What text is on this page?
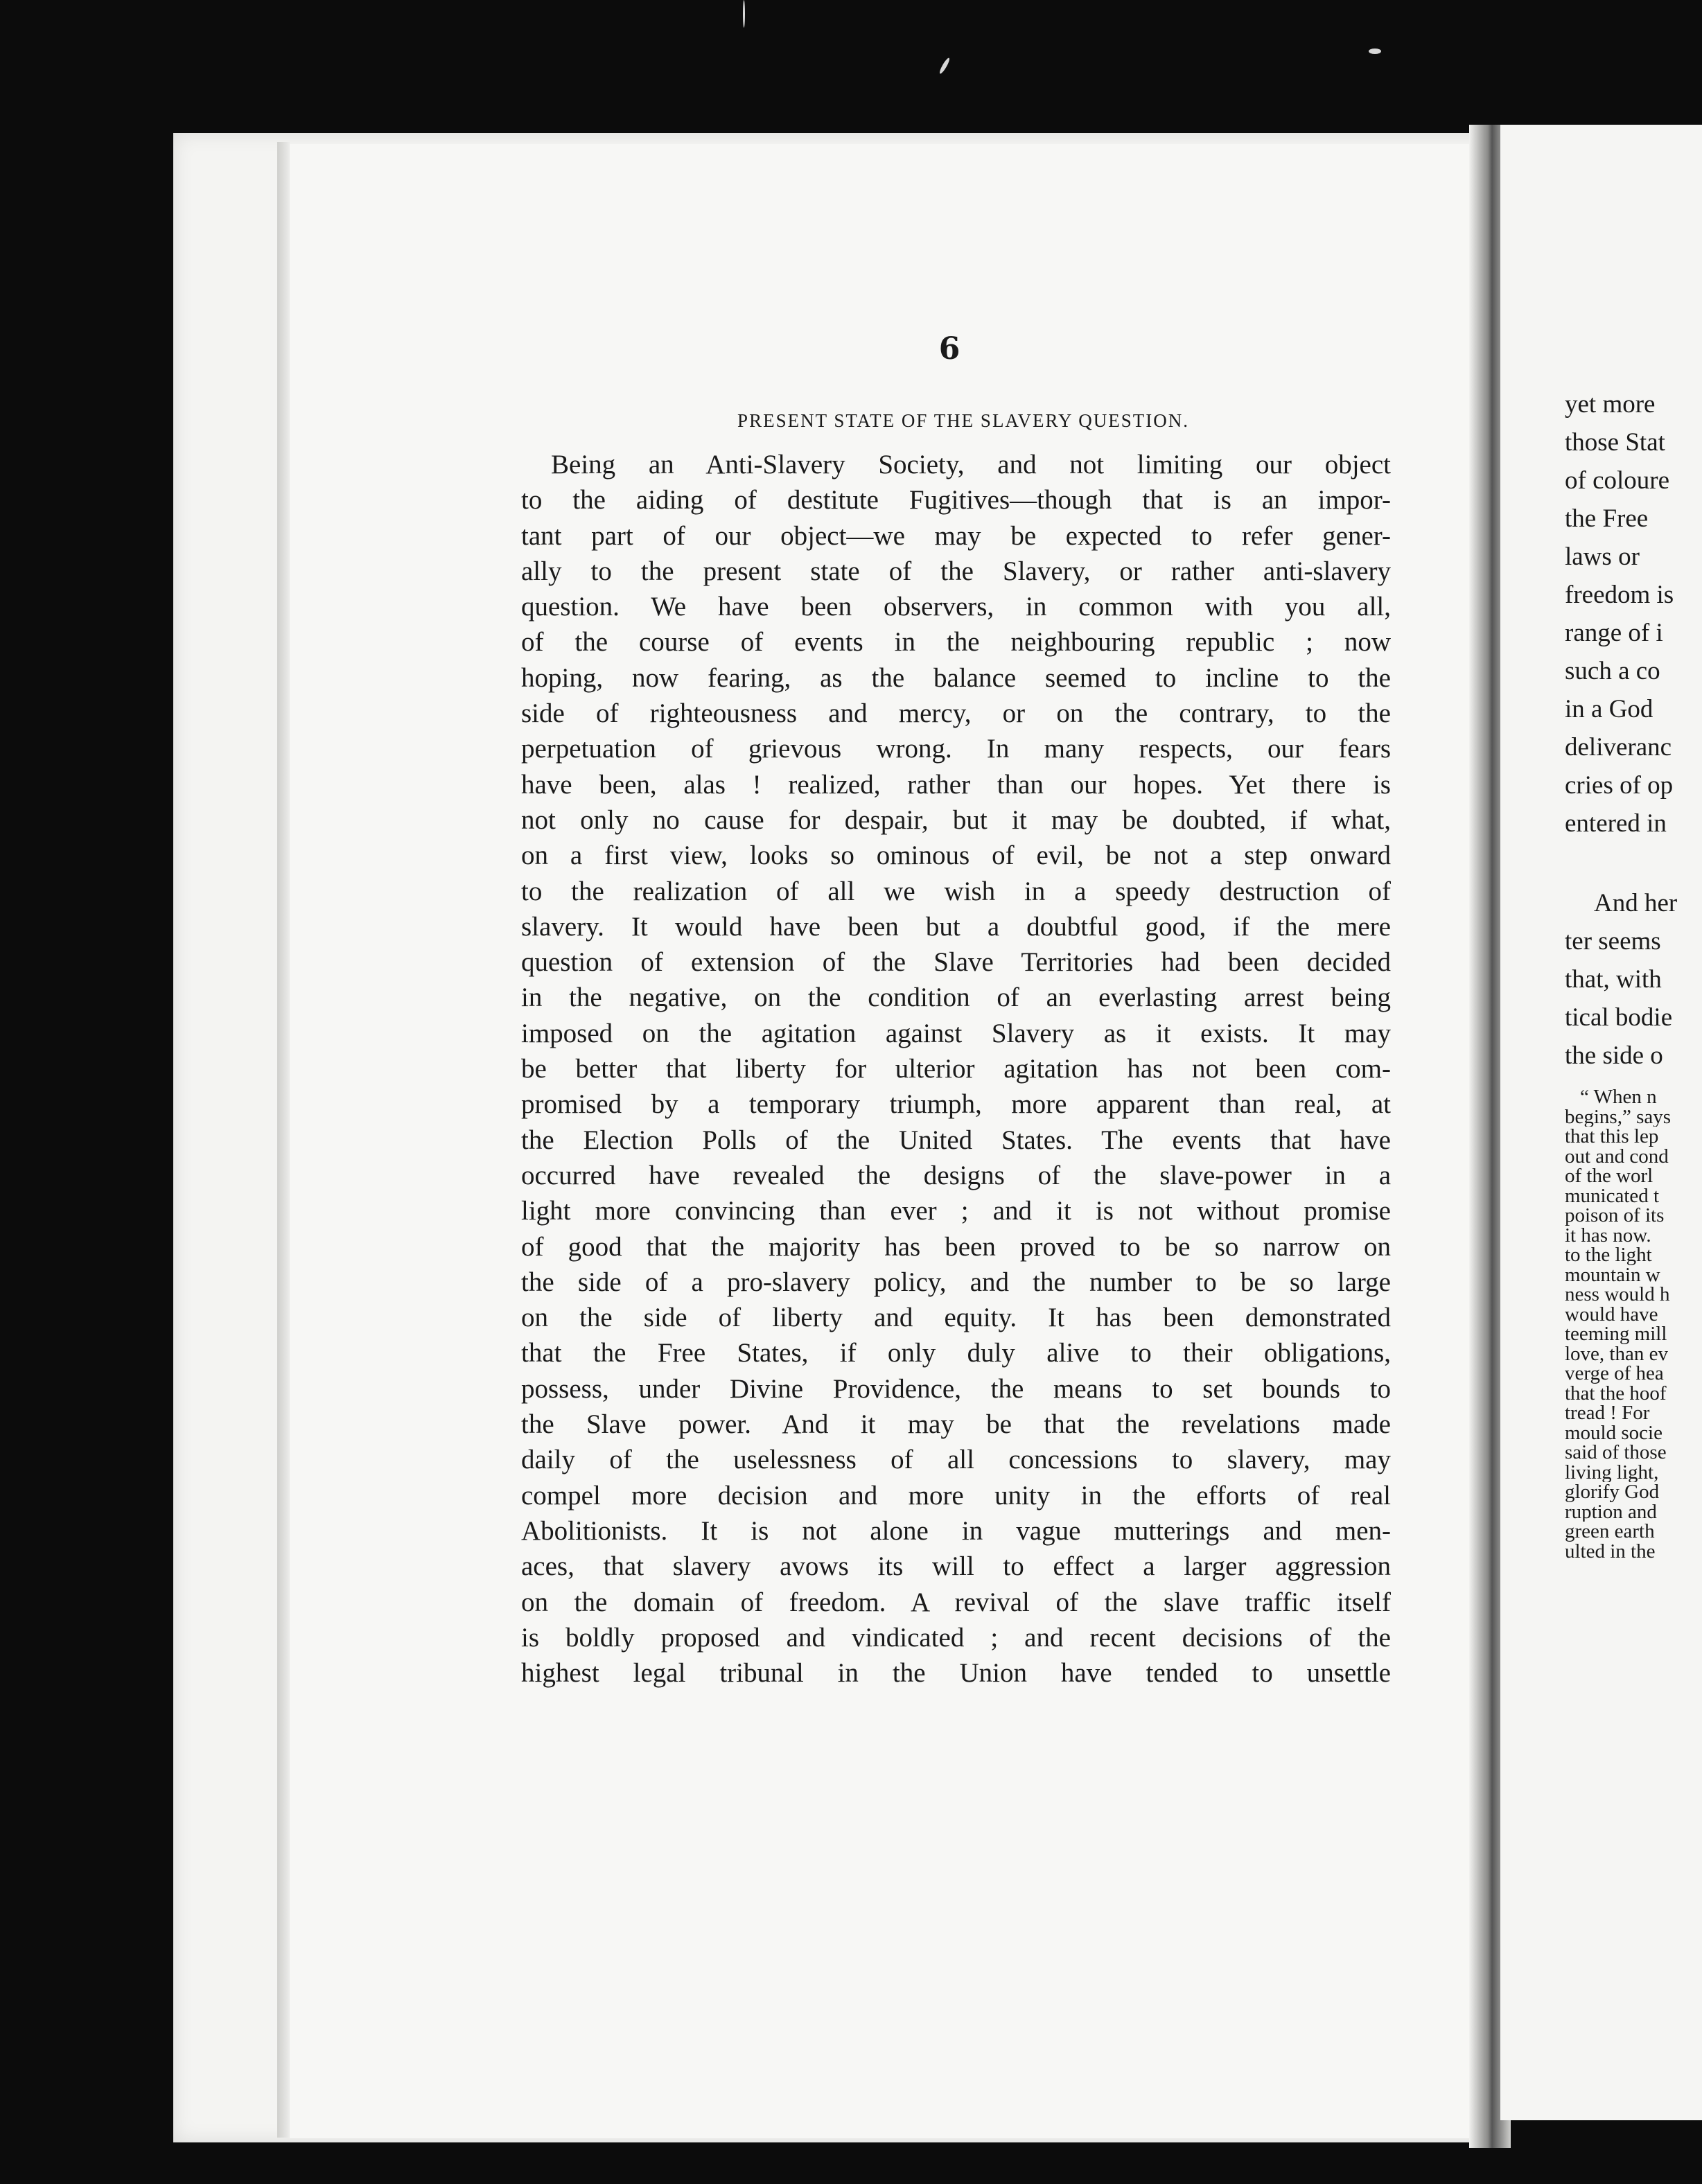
6
PRESENT STATE OF THE SLAVERY QUESTION.
Being an Anti-Slavery Society, and not limiting our object
to the aiding of destitute Fugitives—though that is an impor-
tant part of our object—we may be expected to refer gener-
ally to the present state of the Slavery, or rather anti-slavery
question. We have been observers, in common with you all,
of the course of events in the neighbouring republic ; now
hoping, now fearing, as the balance seemed to incline to the
side of righteousness and mercy, or on the contrary, to the
perpetuation of grievous wrong. In many respects, our fears
have been, alas ! realized, rather than our hopes. Yet there is
not only no cause for despair, but it may be doubted, if what,
on a first view, looks so ominous of evil, be not a step onward
to the realization of all we wish in a speedy destruction of
slavery. It would have been but a doubtful good, if the mere
question of extension of the Slave Territories had been decided
in the negative, on the condition of an everlasting arrest being
imposed on the agitation against Slavery as it exists. It may
be better that liberty for ulterior agitation has not been com-
promised by a temporary triumph, more apparent than real, at
the Election Polls of the United States. The events that have
occurred have revealed the designs of the slave-power in a
light more convincing than ever ; and it is not without promise
of good that the majority has been proved to be so narrow on
the side of a pro-slavery policy, and the number to be so large
on the side of liberty and equity. It has been demonstrated
that the Free States, if only duly alive to their obligations,
possess, under Divine Providence, the means to set bounds to
the Slave power. And it may be that the revelations made
daily of the uselessness of all concessions to slavery, may
compel more decision and more unity in the efforts of real
Abolitionists. It is not alone in vague mutterings and men-
aces, that slavery avows its will to effect a larger aggression
on the domain of freedom. A revival of the slave traffic itself
is boldly proposed and vindicated ; and recent decisions of the
highest legal tribunal in the Union have tended to unsettle
yet more
those Stat
of coloure
the Free
laws or
freedom is
range of i
such a co
in a God
deliveranc
cries of op
entered in
And her
ter seems
that, with
tical bodie
the side o
“ When n
begins,” says
that this lep
out and cond
of the worl
municated t
poison of its
it has now.
to the light
mountain w
ness would h
would have
teeming mill
love, than ev
verge of hea
that the hoof
tread ! For
mould socie
said of those
living light,
glorify God
ruption and
green earth
ulted in the
